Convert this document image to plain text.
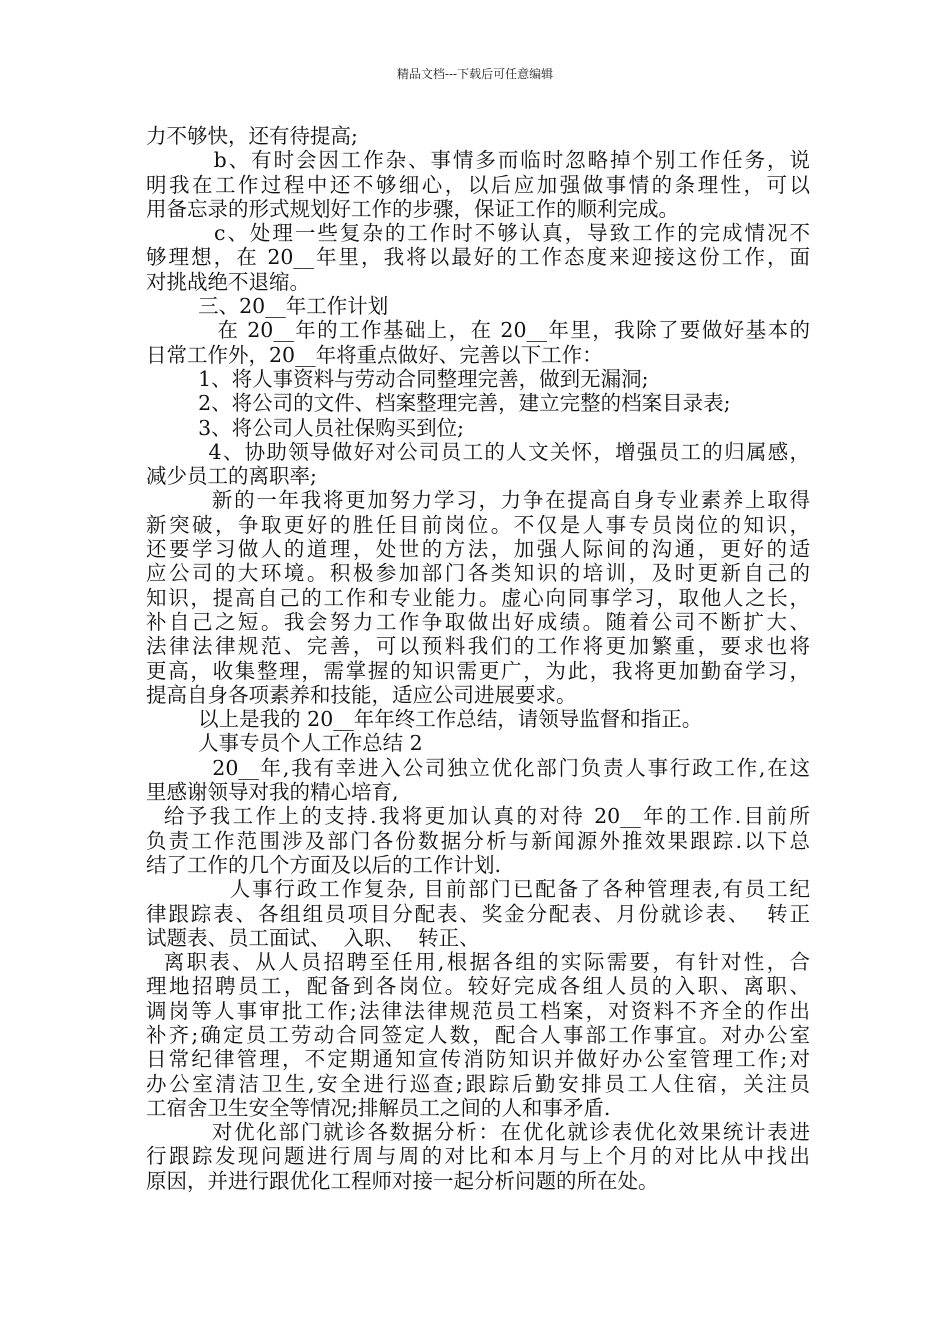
精品文档---下载后可任意编辑
力不够快，还有待提高;
b、有时会因工作杂、事情多而临时忽略掉个别工作任务，说
明我在工作过程中还不够细心，以后应加强做事情的条理性，可以
用备忘录的形式规划好工作的步骤，保证工作的顺利完成。
c、处理一些复杂的工作时不够认真，导致工作的完成情况不
够理想，在 20__年里，我将以最好的工作态度来迎接这份工作，面
对挑战绝不退缩。
三、20__年工作计划
在 20__年的工作基础上，在 20__年里，我除了要做好基本的
日常工作外，20__年将重点做好、完善以下工作：
1、将人事资料与劳动合同整理完善，做到无漏洞;
2、将公司的文件、档案整理完善，建立完整的档案目录表;
3、将公司人员社保购买到位;
4、协助领导做好对公司员工的人文关怀，增强员工的归属感，
减少员工的离职率;
新的一年我将更加努力学习，力争在提高自身专业素养上取得
新突破，争取更好的胜任目前岗位。不仅是人事专员岗位的知识，
还要学习做人的道理，处世的方法，加强人际间的沟通，更好的适
应公司的大环境。积极参加部门各类知识的培训，及时更新自己的
知识，提高自己的工作和专业能力。虚心向同事学习，取他人之长，
补自己之短。我会努力工作争取做出好成绩。随着公司不断扩大、
法律法律规范、完善，可以预料我们的工作将更加繁重，要求也将
更高，收集整理，需掌握的知识需更广，为此，我将更加勤奋学习，
提高自身各项素养和技能，适应公司进展要求。
以上是我的 20__年年终工作总结，请领导监督和指正。
人事专员个人工作总结 2
20__年,我有幸进入公司独立优化部门负责人事行政工作,在这
里感谢领导对我的精心培育,
给予我工作上的支持.我将更加认真的对待 20__年的工作.目前所
负责工作范围涉及部门各份数据分析与新闻源外推效果跟踪.以下总
结了工作的几个方面及以后的工作计划.
人事行政工作复杂, 目前部门已配备了各种管理表,有员工纪
律跟踪表、各组组员项目分配表、奖金分配表、月份就诊表、  转正
试题表、员工面试、  入职、  转正、
离职表、从人员招聘至任用,根据各组的实际需要，有针对性，合
理地招聘员工，配备到各岗位。较好完成各组人员的入职、离职、
调岗等人事审批工作;法律法律规范员工档案，对资料不齐全的作出
补齐;确定员工劳动合同签定人数，配合人事部工作事宜。对办公室
日常纪律管理，不定期通知宣传消防知识并做好办公室管理工作;对
办公室清洁卫生,安全进行巡查;跟踪后勤安排员工人住宿，关注员
工宿舍卫生安全等情况;排解员工之间的人和事矛盾.
对优化部门就诊各数据分析：在优化就诊表优化效果统计表进
行跟踪发现问题进行周与周的对比和本月与上个月的对比从中找出
原因，并进行跟优化工程师对接一起分析问题的所在处。
